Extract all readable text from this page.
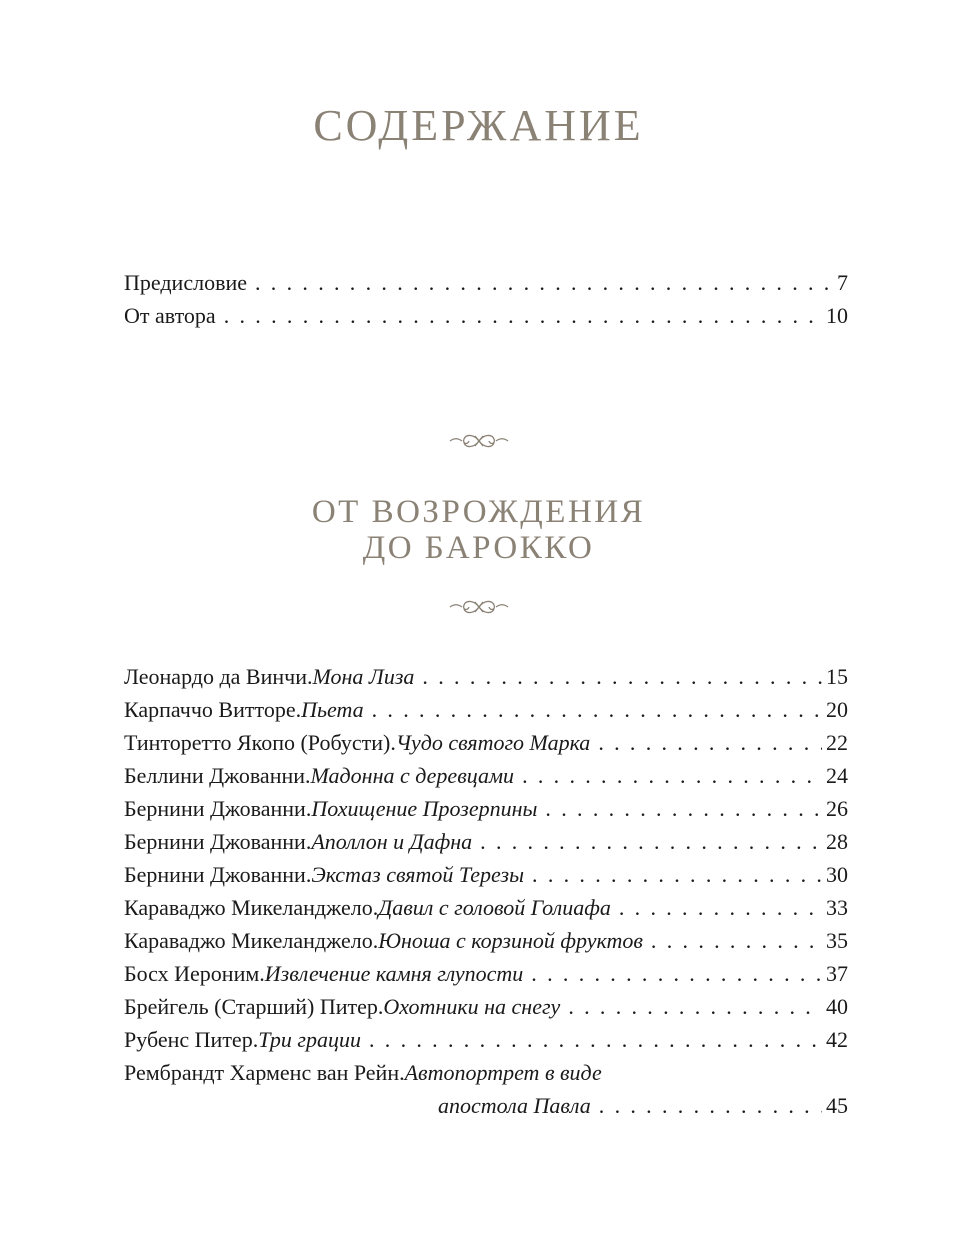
СОДЕРЖАНИЕ
Предисловие . . .	7
От автора . . .	10
ОТ ВОЗРОЖДЕНИЯ
ДО БАРОККО
Леонардо да Винчи. Мона Лиза . . .	15
Карпаччо Витторе. Пьета . . .	20
Тинторетто Якопо (Робусти). Чудо святого Марка . . .	22
Беллини Джованни. Мадонна с деревцами . . .	24
Бернини Джованни. Похищение Прозерпины . . .	26
Бернини Джованни. Аполлон и Дафна . . .	28
Бернини Джованни. Экстаз святой Терезы . . .	30
Караваджо Микеланджело. Давил с головой Голиафа . . .	33
Караваджо Микеланджело. Юноша с корзиной фруктов . . .	35
Босх Иероним. Извлечение камня глупости . . .	37
Брейгель (Старший) Питер. Охотники на снегу . . .	40
Рубенс Питер. Три грации . . .	42
Рембрандт Харменс ван Рейн. Автопортрет в виде
апостола Павла . . .	45
